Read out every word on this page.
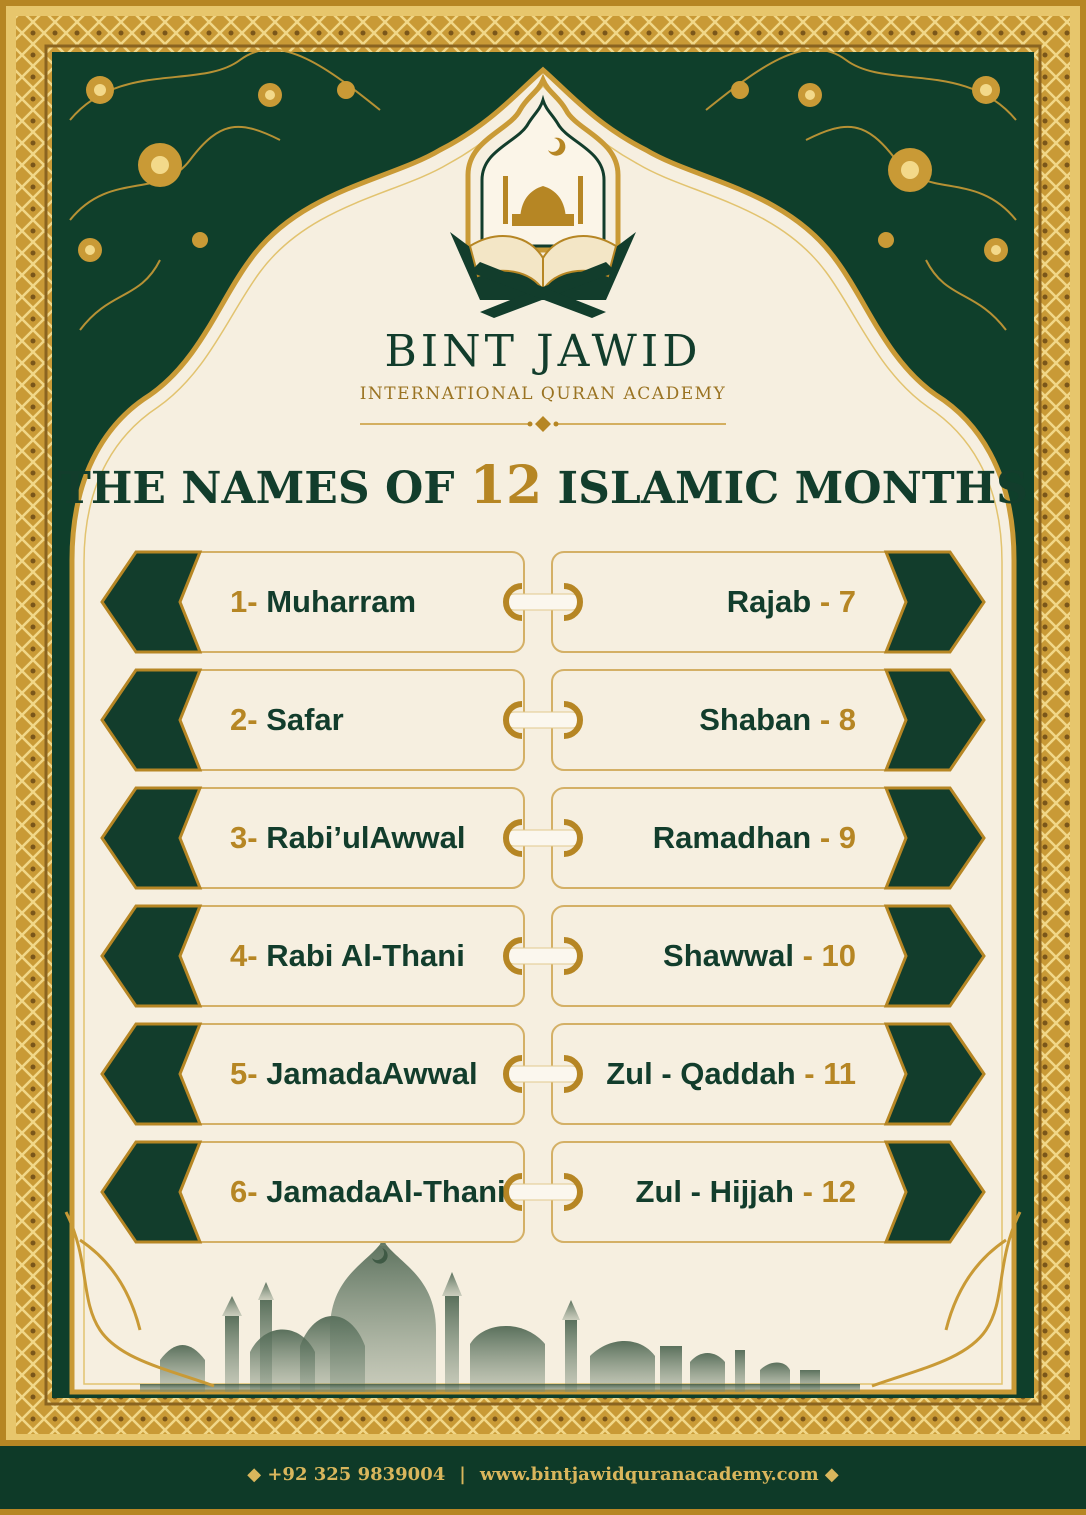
BINT JAWID
INTERNATIONAL QURAN ACADEMY
THE NAMES OF 12 ISLAMIC MONTHS
1- Muharram	Rajab - 7
2- Safar	Shaban - 8
3- Rabi’ulAwwal	Ramadhan - 9
4- Rabi Al-Thani	Shawwal - 10
5- JamadaAwwal	Zul - Qaddah - 11
6- JamadaAl-Thani	Zul - Hijjah - 12
◆ +92 325 9839004 | www.bintjawidquranacademy.com ◆
